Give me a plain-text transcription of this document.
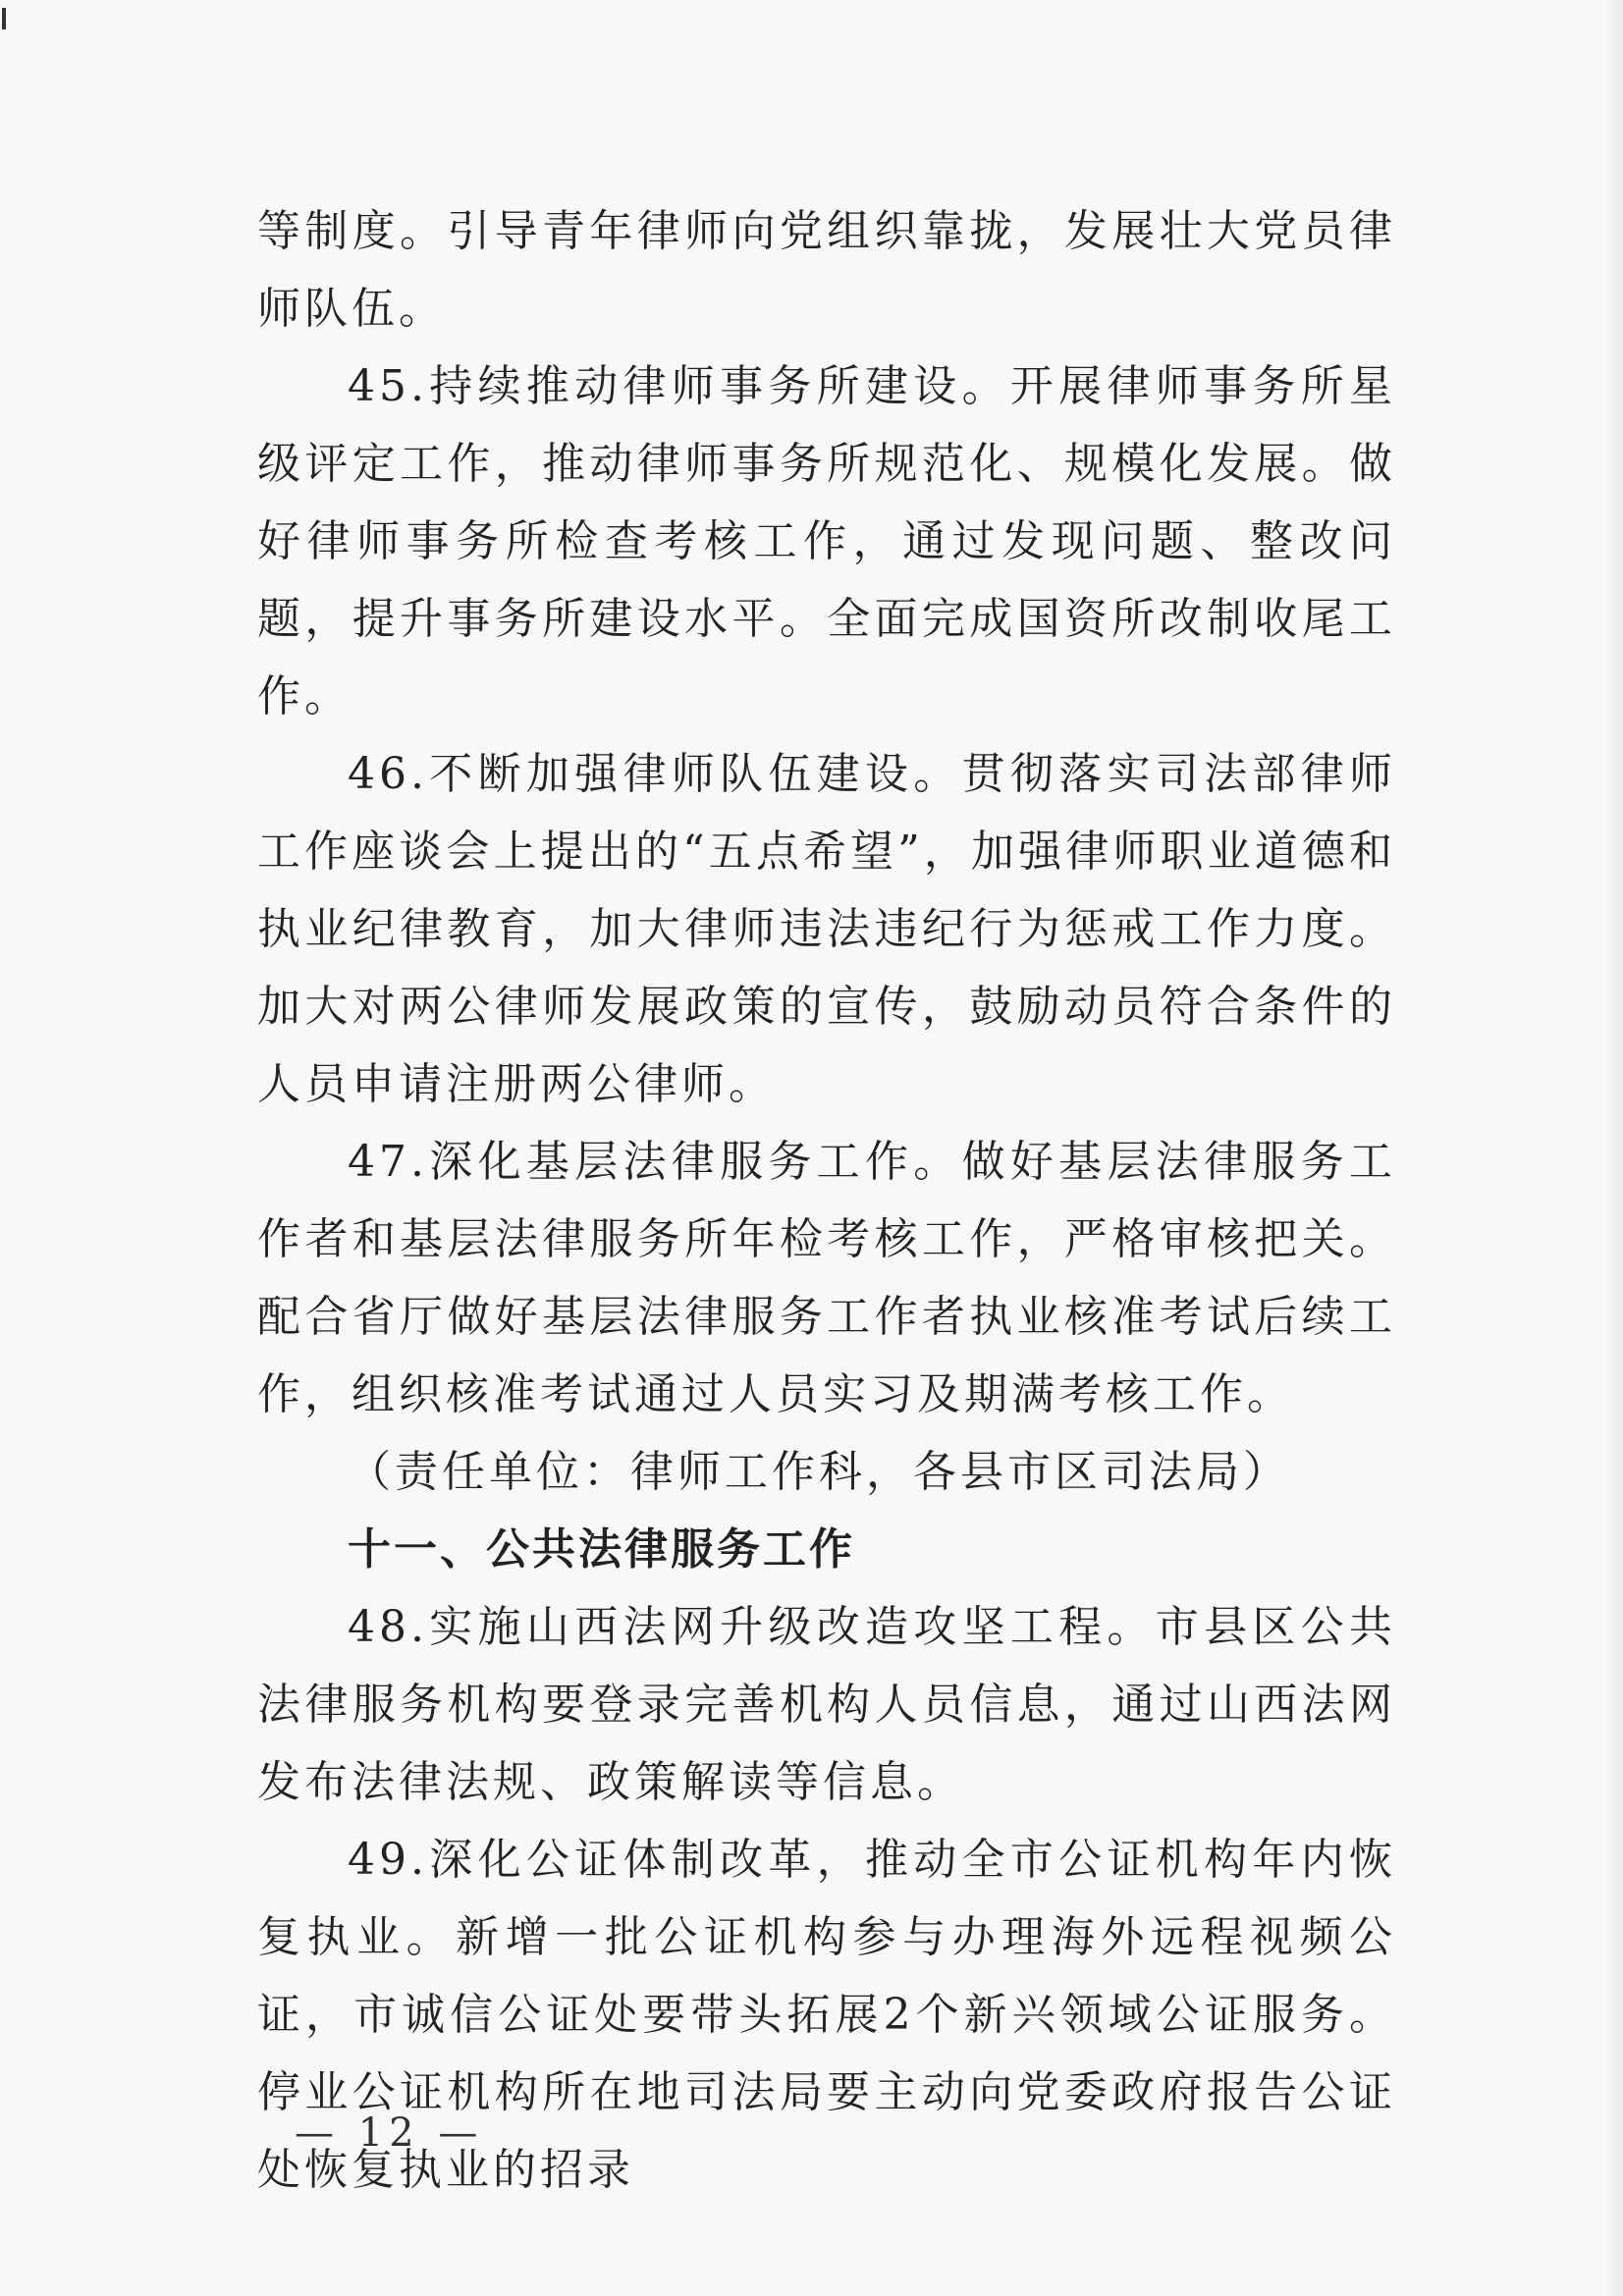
等制度。引导青年律师向党组织靠拢，发展壮大党员律师队伍。

45.持续推动律师事务所建设。开展律师事务所星级评定工作，推动律师事务所规范化、规模化发展。做好律师事务所检查考核工作，通过发现问题、整改问题，提升事务所建设水平。全面完成国资所改制收尾工作。

46.不断加强律师队伍建设。贯彻落实司法部律师工作座谈会上提出的“五点希望”，加强律师职业道德和执业纪律教育，加大律师违法违纪行为惩戒工作力度。加大对两公律师发展政策的宣传，鼓励动员符合条件的人员申请注册两公律师。

47.深化基层法律服务工作。做好基层法律服务工作者和基层法律服务所年检考核工作，严格审核把关。配合省厅做好基层法律服务工作者执业核准考试后续工作，组织核准考试通过人员实习及期满考核工作。

（责任单位：律师工作科，各县市区司法局）

十一、公共法律服务工作

48.实施山西法网升级改造攻坚工程。市县区公共法律服务机构要登录完善机构人员信息，通过山西法网发布法律法规、政策解读等信息。

49.深化公证体制改革，推动全市公证机构年内恢复执业。新增一批公证机构参与办理海外远程视频公证，市诚信公证处要带头拓展2个新兴领域公证服务。停业公证机构所在地司法局要主动向党委政府报告公证处恢复执业的招录

— 12 —
